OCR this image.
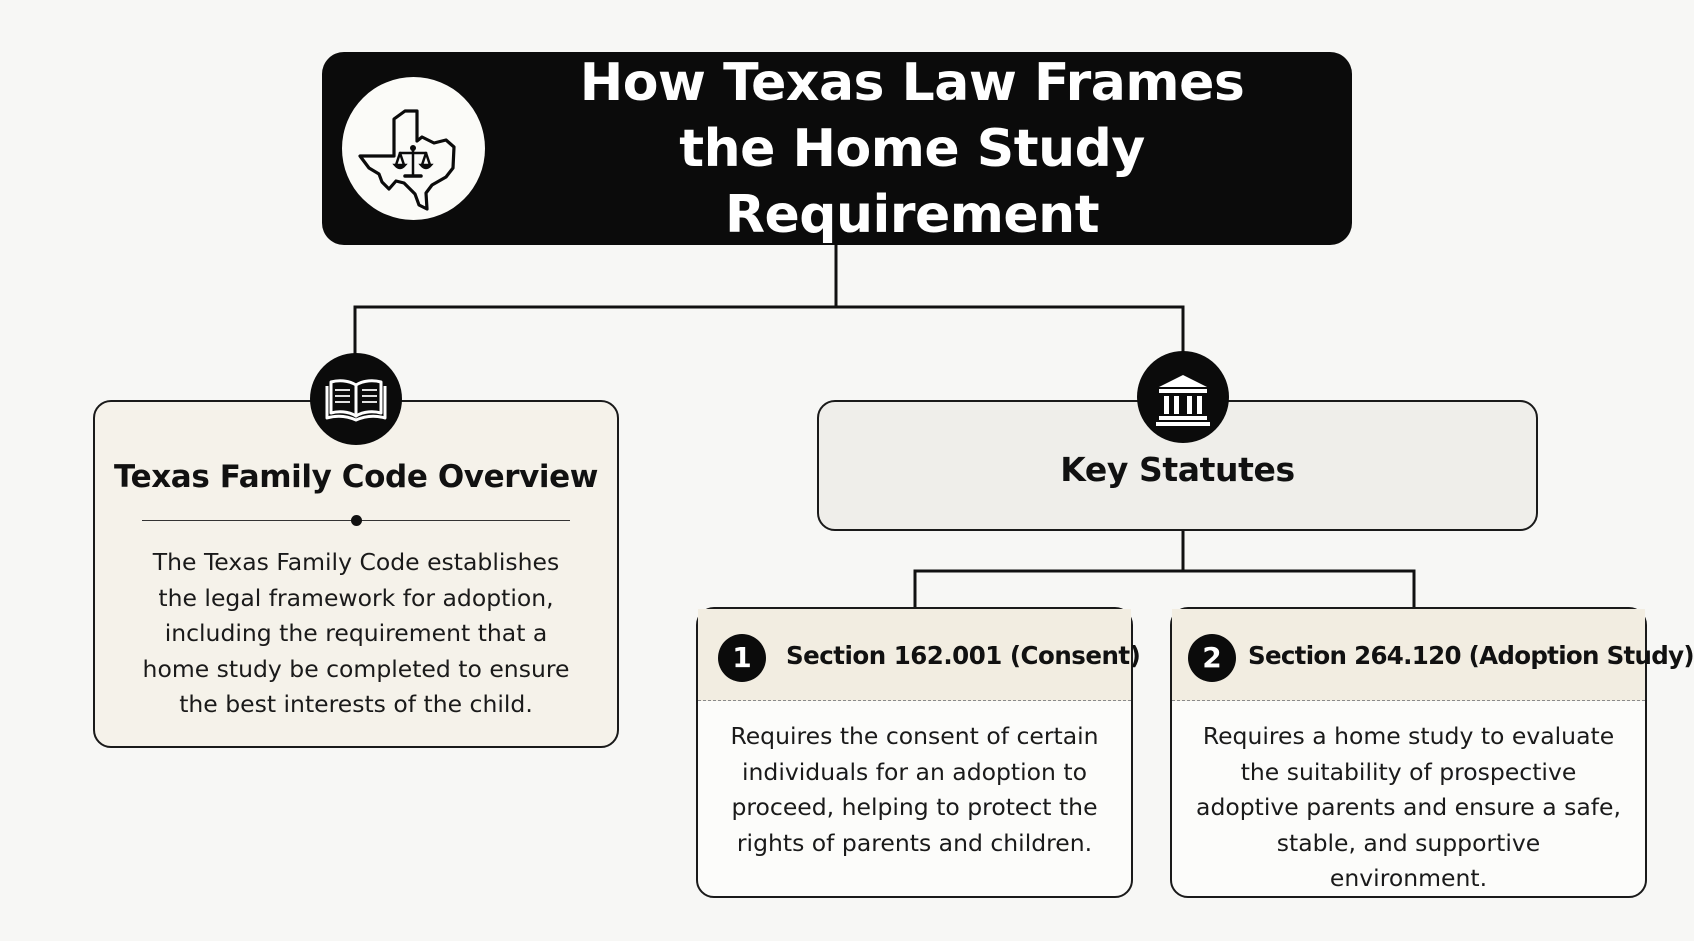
How Texas Law Frames
the Home Study Requirement
Texas Family Code Overview
The Texas Family Code establishes the legal framework for adoption, including the requirement that a home study be completed to ensure the best interests of the child.
Key Statutes
1	Section 162.001 (Consent)
Requires the consent of certain individuals for an adoption to proceed, helping to protect the rights of parents and children.
2	Section 264.120 (Adoption Study)
Requires a home study to evaluate the suitability of prospective adoptive parents and ensure a safe, stable, and supportive environment.
